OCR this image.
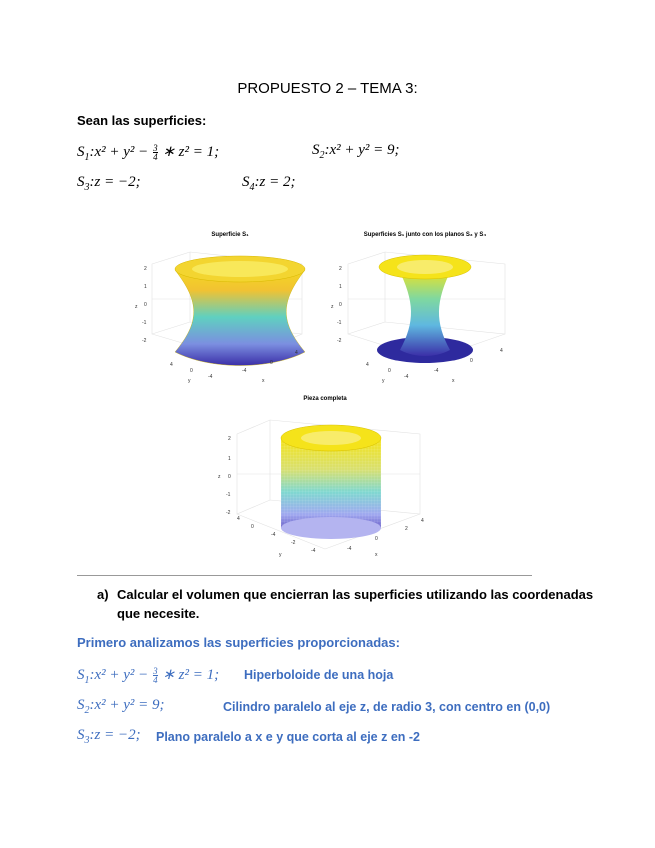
PROPUESTO 2 – TEMA 3:
Sean las superficies:
$S_1:x^2 + y^2 - \frac{3}{4}$ ∗ z² = 1;	$S_2:x^2 + y^2 = 9$;
$S_3:z = -2$;	$S_4:z = 2$;
Superficie S₁
2
1
0
-1
-2
z
y	x
4
0
-4
-4
0
4
Superficies S₁ junto con los planos S₃ y S₄
2
1
0
-1
-2
z
y	x
4
0
-4
-4
0
4
Pieza completa
2
1
0
-1
-2
z
y	x
4
0
-4
-2
-4	-4
0
2
4
a) Calcular el volumen que encierran las superficies utilizando las coordenadas
que necesite.
Primero analizamos las superficies proporcionadas:
$S_1:x^2 + y^2 - \frac{3}{4}$ ∗ z² = 1; Hiperboloide de una hoja
$S_2:x^2 + y^2 = 9$;	Cilindro paralelo al eje z, de radio 3, con centro en (0,0)
$S_3:z = -2$; Plano paralelo a x e y que corta al eje z en -2
